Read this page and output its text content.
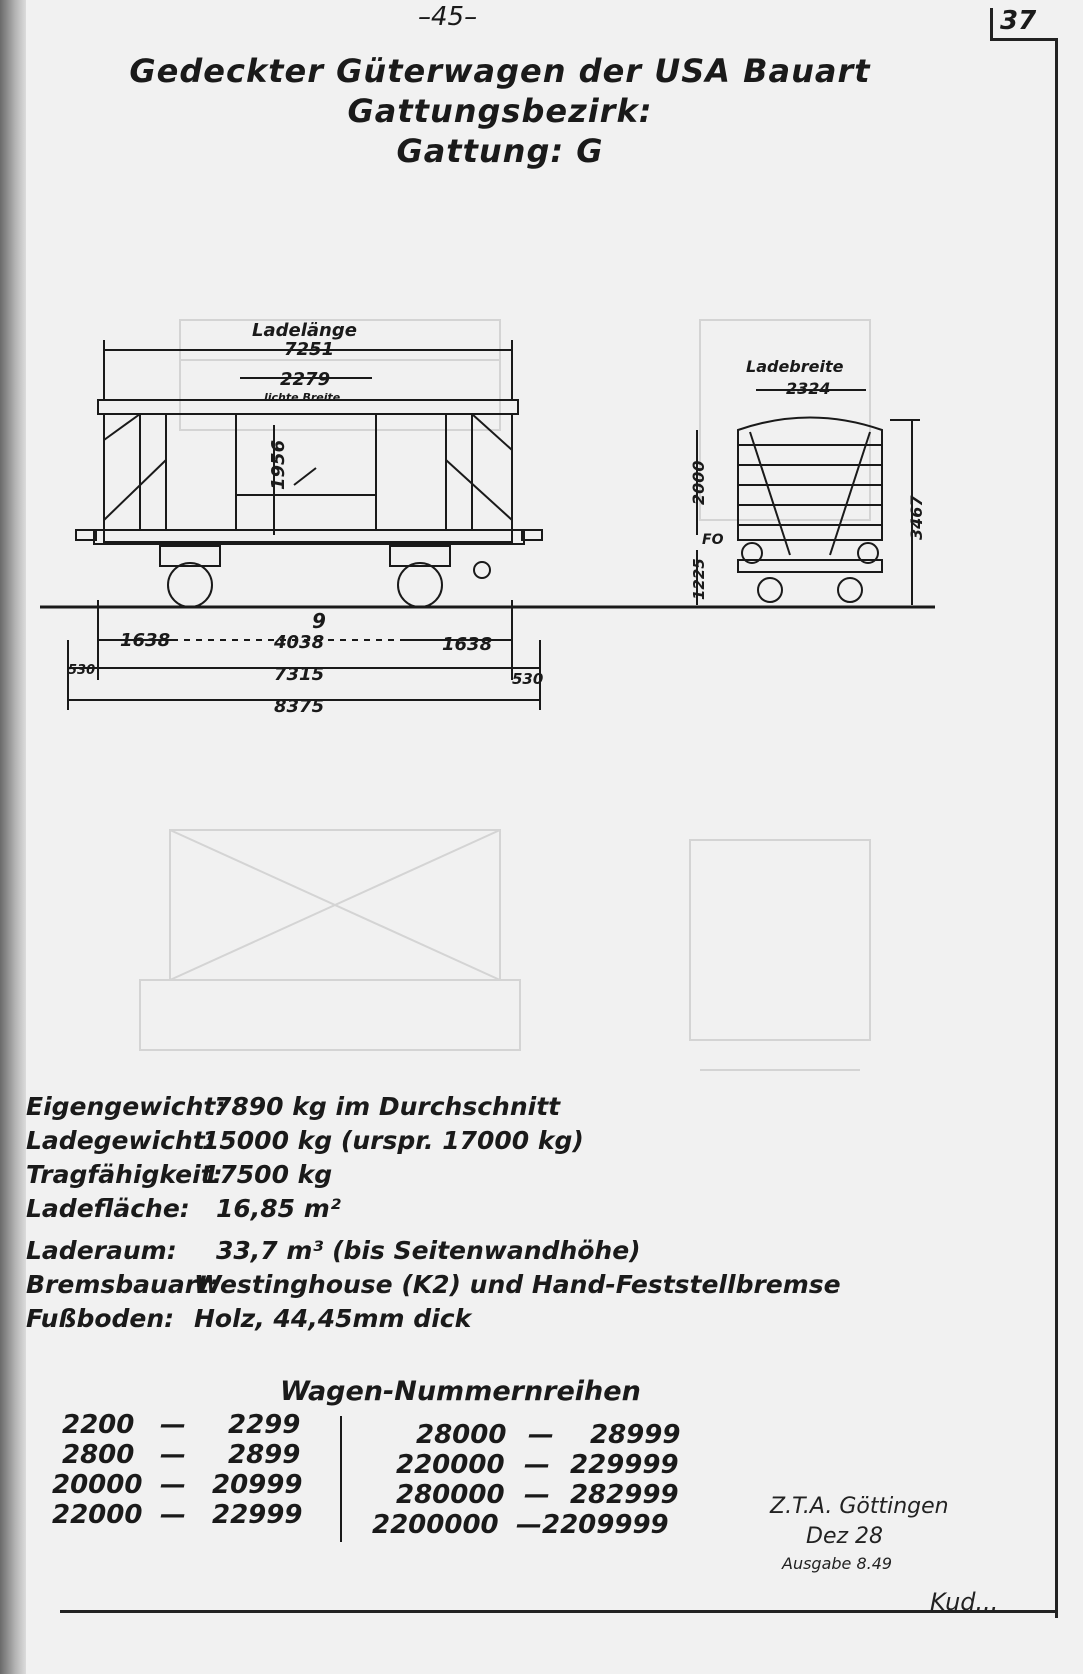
–45–	37
Gedeckter Güterwagen der USA Bauart
Gattungsbezirk:
Gattung: G
Ladelänge
7251
2279
lichte Breite
1956
9
1638	4038	1638
530	7315	530
8375
Ladebreite
2324
2000
FO
1225
3467
Eigengewicht:
7890 kg im Durchschnitt
Ladegewicht:
15000 kg (urspr. 17000 kg)
Tragfähigkeit:
17500 kg
Ladefläche: 16,85 m²
Laderaum: 33,7 m³ (bis Seitenwandhöhe)
Bremsbauart:
Westinghouse (K2) und Hand-Feststellbremse
Fußboden: Holz, 44,45mm dick
Wagen-Nummernreihen
2200 — 2299
2800 — 2899
20000 — 20999
22000 — 22999
28000 — 28999
220000 — 229999
280000 — 282999
2200000 — 2209999
Z.T.A. Göttingen
Dez 28
Ausgabe 8.49
Kud...
